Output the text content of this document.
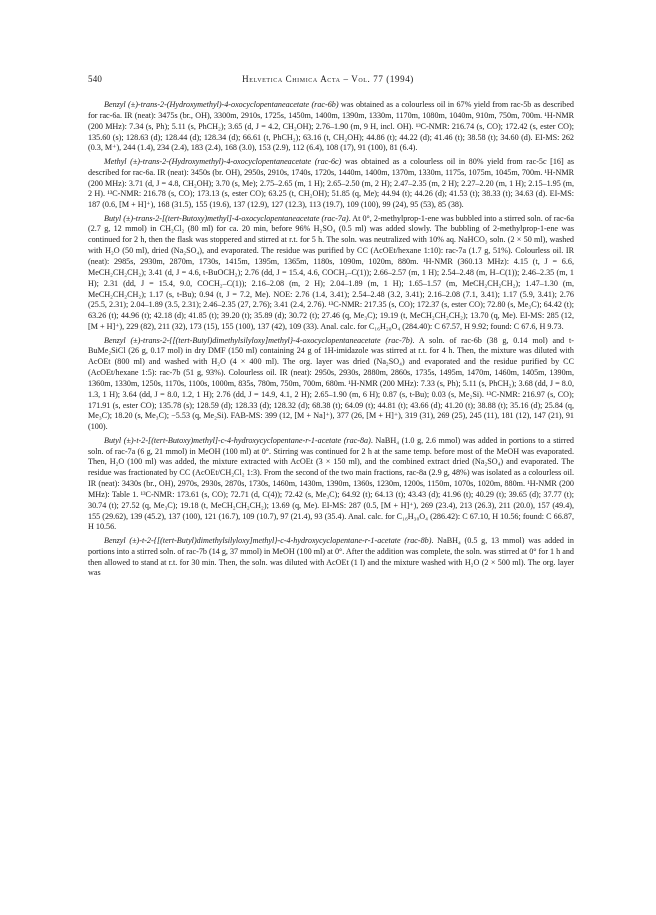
540	Helvetica Chimica Acta – Vol. 77 (1994)

Benzyl (±)-trans-2-(Hydroxymethyl)-4-oxocyclopentaneacetate (rac-6b) was obtained as a colourless oil in 67% yield from rac-5b as described for rac-6a. IR (neat): 3475s (br., OH), 3300m, 2910s, 1725s, 1450m, 1400m, 1390m, 1330m, 1170m, 1080m, 1040m, 910m, 750m, 700m. ¹H-NMR (200 MHz): 7.34 (s, Ph); 5.11 (s, PhCH₂); 3.65 (d, J = 4.2, CH₂OH); 2.76–1.90 (m, 9 H, incl. OH). ¹³C-NMR: 216.74 (s, CO); 172.42 (s, ester CO); 135.60 (s); 128.63 (d); 128.44 (d); 128.34 (d); 66.61 (t, PhCH₂); 63.16 (t, CH₂OH); 44.86 (t); 44.22 (d); 41.46 (t); 38.58 (t); 34.60 (d). EI-MS: 262 (0.3, M⁺), 244 (1.4), 234 (2.4), 183 (2.4), 168 (3.0), 153 (2.9), 112 (6.4), 108 (17), 91 (100), 81 (6.4).

Methyl (±)-trans-2-(Hydroxymethyl)-4-oxocyclopentaneacetate (rac-6c) was obtained as a colourless oil in 80% yield from rac-5c [16] as described for rac-6a. IR (neat): 3450s (br. OH), 2950s, 2910s, 1740s, 1720s, 1440m, 1400m, 1370m, 1330m, 1175s, 1075m, 1045m, 700m. ¹H-NMR (200 MHz): 3.71 (d, J = 4.8, CH₂OH); 3.70 (s, Me); 2.75–2.65 (m, 1 H); 2.65–2.50 (m, 2 H); 2.47–2.35 (m, 2 H); 2.27–2.20 (m, 1 H); 2.15–1.95 (m, 2 H). ¹³C-NMR: 216.78 (s, CO); 173.13 (s, ester CO); 63.25 (t, CH₂OH); 51.85 (q, Me); 44.94 (t); 44.26 (d); 41.53 (t); 38.33 (t); 34.63 (d). EI-MS: 187 (0.6, [M + H]⁺), 168 (31.5), 155 (19.6), 137 (12.9), 127 (12.3), 113 (19.7), 109 (100), 99 (24), 95 (53), 85 (38).

Butyl (±)-trans-2-[(tert-Butoxy)methyl]-4-oxocyclopentaneacetate (rac-7a). At 0°, 2-methylprop-1-ene was bubbled into a stirred soln. of rac-6a (2.7 g, 12 mmol) in CH₂Cl₂ (80 ml) for ca. 20 min, before 96% H₂SO₄ (0.5 ml) was added slowly. The bubbling of 2-methylprop-1-ene was continued for 2 h, then the flask was stoppered and stirred at r.t. for 5 h. The soln. was neutralized with 10% aq. NaHCO₃ soln. (2 × 50 ml), washed with H₂O (50 ml), dried (Na₂SO₄), and evaporated. The residue was purified by CC (AcOEt/hexane 1:10): rac-7a (1.7 g, 51%). Colourless oil. IR (neat): 2985s, 2930m, 2870m, 1730s, 1415m, 1395m, 1365m, 1180s, 1090m, 1020m, 880m. ¹H-NMR (360.13 MHz): 4.15 (t, J = 6.6, MeCH₂CH₂CH₂); 3.41 (d, J = 4.6, t-BuOCH₂); 2.76 (dd, J = 15.4, 4.6, COCH₂–C(1)); 2.66–2.57 (m, 1 H); 2.54–2.48 (m, H–C(1)); 2.46–2.35 (m, 1 H); 2.31 (dd, J = 15.4, 9.0, COCH₂–C(1)); 2.16–2.08 (m, 2 H); 2.04–1.89 (m, 1 H); 1.65–1.57 (m, MeCH₂CH₂CH₂); 1.47–1.30 (m, MeCH₂CH₂CH₂); 1.17 (s, t-Bu); 0.94 (t, J = 7.2, Me). NOE: 2.76 (1.4, 3.41); 2.54–2.48 (3.2, 3.41); 2.16–2.08 (7.1, 3.41); 1.17 (5.9, 3.41); 2.76 (25.5, 2.31); 2.04–1.89 (3.5, 2.31); 2.46–2.35 (27, 2.76); 3.41 (2.4, 2.76). ¹³C-NMR: 217.35 (s, CO); 172.37 (s, ester CO); 72.80 (s, Me₃C); 64.42 (t); 63.26 (t); 44.96 (t); 42.18 (d); 41.85 (t); 39.20 (t); 35.89 (d); 30.72 (t); 27.46 (q, Me₃C); 19.19 (t, MeCH₂CH₂CH₂); 13.70 (q, Me). EI-MS: 285 (12, [M + H]⁺), 229 (82), 211 (32), 173 (15), 155 (100), 137 (42), 109 (33). Anal. calc. for C₁₆H₂₈O₄ (284.40): C 67.57, H 9.92; found: C 67.6, H 9.73.

Benzyl (±)-trans-2-{[(tert-Butyl)dimethylsilyloxy]methyl}-4-oxocyclopentaneacetate (rac-7b). A soln. of rac-6b (38 g, 0.14 mol) and t-BuMe₂SiCl (26 g, 0.17 mol) in dry DMF (150 ml) containing 24 g of 1H-imidazole was stirred at r.t. for 4 h. Then, the mixture was diluted with AcOEt (800 ml) and washed with H₂O (4 × 400 ml). The org. layer was dried (Na₂SO₄) and evaporated and the residue purified by CC (AcOEt/hexane 1:5): rac-7b (51 g, 93%). Colourless oil. IR (neat): 2950s, 2930s, 2880m, 2860s, 1735s, 1495m, 1470m, 1460m, 1405m, 1390m, 1360m, 1330m, 1250s, 1170s, 1100s, 1000m, 835s, 780m, 750m, 700m, 680m. ¹H-NMR (200 MHz): 7.33 (s, Ph); 5.11 (s, PhCH₂); 3.68 (dd, J = 8.0, 1.3, 1 H); 3.64 (dd, J = 8.0, 1.2, 1 H); 2.76 (dd, J = 14.9, 4.1, 2 H); 2.65–1.90 (m, 6 H); 0.87 (s, t-Bu); 0.03 (s, Me₂Si). ¹³C-NMR: 216.97 (s, CO); 171.91 (s, ester CO); 135.78 (s); 128.59 (d); 128.33 (d); 128.32 (d); 68.38 (t); 64.09 (t); 44.81 (t); 43.66 (d); 41.20 (t); 38.88 (t); 35.16 (d); 25.84 (q, Me₃C); 18.20 (s, Me₃C); −5.53 (q, Me₂Si). FAB-MS: 399 (12, [M + Na]⁺), 377 (26, [M + H]⁺), 319 (31), 269 (25), 245 (11), 181 (12), 147 (21), 91 (100).

Butyl (±)-t-2-[(tert-Butoxy)methyl]-c-4-hydroxycyclopentane-r-1-acetate (rac-8a). NaBH₄ (1.0 g, 2.6 mmol) was added in portions to a stirred soln. of rac-7a (6 g, 21 mmol) in MeOH (100 ml) at 0°. Stirring was continued for 2 h at the same temp. before most of the MeOH was evaporated. Then, H₂O (100 ml) was added, the mixture extracted with AcOEt (3 × 150 ml), and the combined extract dried (Na₂SO₄) and evaporated. The residue was fractionated by CC (AcOEt/CH₂Cl₂ 1:3). From the second of the two main fractions, rac-8a (2.9 g, 48%) was isolated as a colourless oil. IR (neat): 3430s (br., OH), 2970s, 2930s, 2870s, 1730s, 1460m, 1430m, 1390m, 1360s, 1230m, 1200s, 1150m, 1070s, 1020m, 880m. ¹H-NMR (200 MHz): Table 1. ¹³C-NMR: 173.61 (s, CO); 72.71 (d, C(4)); 72.42 (s, Me₃C); 64.92 (t); 64.13 (t); 43.43 (d); 41.96 (t); 40.29 (t); 39.65 (d); 37.77 (t); 30.74 (t); 27.52 (q, Me₃C); 19.18 (t, MeCH₂CH₂CH₂); 13.69 (q, Me). EI-MS: 287 (0.5, [M + H]⁺), 269 (23.4), 213 (26.3), 211 (20.0), 157 (49.4), 155 (29.62), 139 (45.2), 137 (100), 121 (16.7), 109 (10.7), 97 (21.4), 93 (35.4). Anal. calc. for C₁₆H₃₀O₄ (286.42): C 67.10, H 10.56; found: C 66.87, H 10.56.

Benzyl (±)-t-2-{[(tert-Butyl)dimethylsilyloxy]methyl}-c-4-hydroxycyclopentane-r-1-acetate (rac-8b). NaBH₄ (0.5 g, 13 mmol) was added in portions into a stirred soln. of rac-7b (14 g, 37 mmol) in MeOH (100 ml) at 0°. After the addition was complete, the soln. was stirred at 0° for 1 h and then allowed to stand at r.t. for 30 min. Then, the soln. was diluted with AcOEt (1 l) and the mixture washed with H₂O (2 × 500 ml). The org. layer was
